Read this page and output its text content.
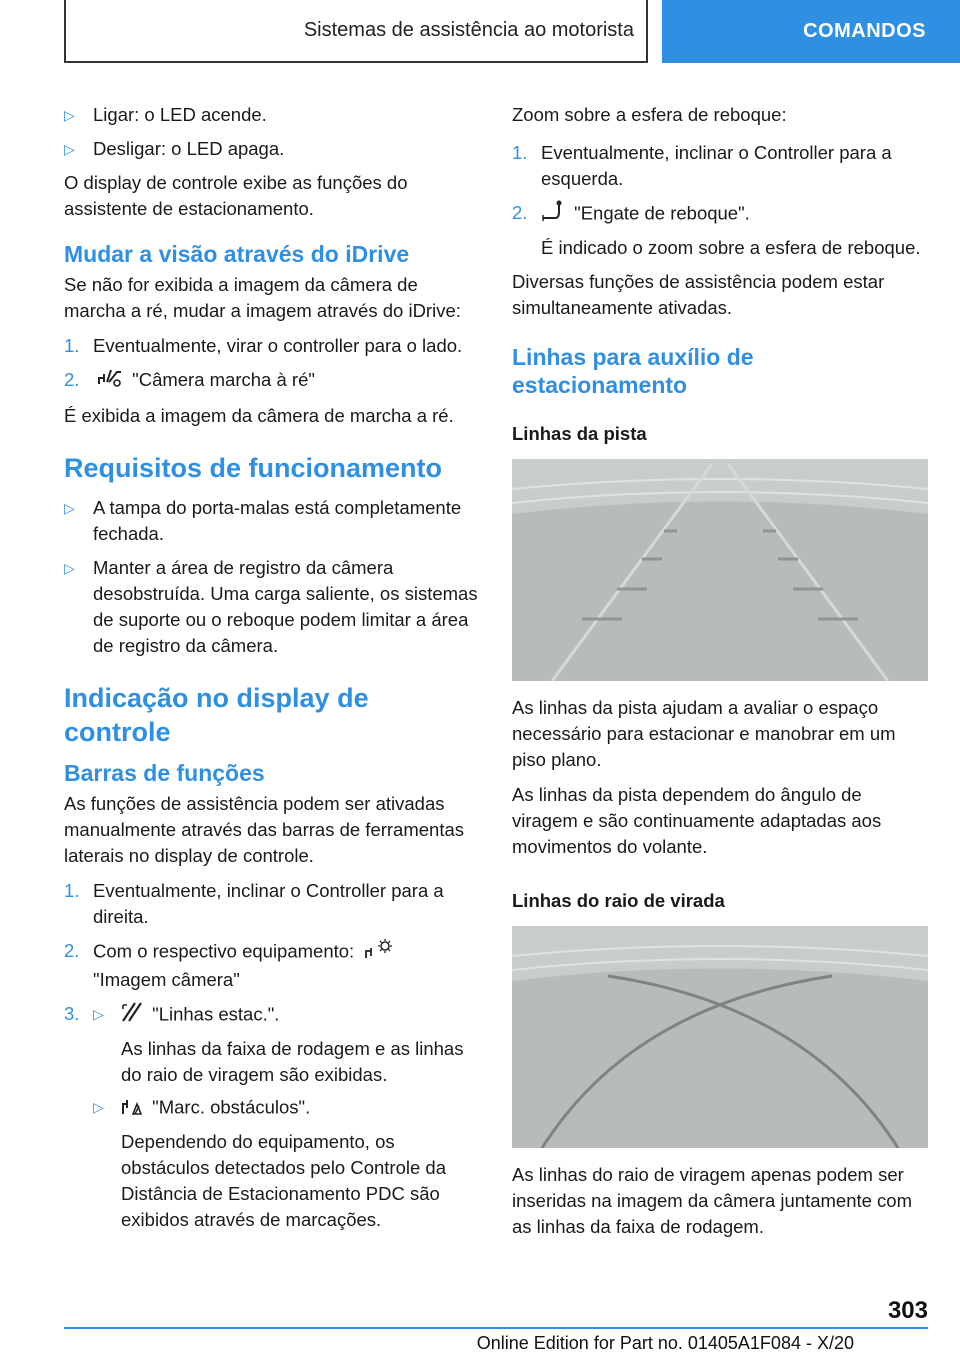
Sistemas de assistência ao motorista	COMANDOS
▷ Ligar: o LED acende.
▷ Desligar: o LED apaga.

O display de controle exibe as funções do assistente de estacionamento.

Mudar a visão através do iDrive

Se não for exibida a imagem da câmera de marcha a ré, mudar a imagem através do iDrive:

1. Eventualmente, virar o controller para o lado.
2.	"Câmera marcha à ré"

É exibida a imagem da câmera de marcha a ré.

Requisitos de funcionamento
▷ A tampa do porta-malas está completamente fechada.
▷ Manter a área de registro da câmera desobstruída. Uma carga saliente, os sistemas de suporte ou o reboque podem limitar a área de registro da câmera.
Indicação no display de controle
Barras de funções

As funções de assistência podem ser ativadas manualmente através das barras de ferramentas laterais no display de controle.

1. Eventualmente, inclinar o Controller para a direita.
2. Com o respectivo equipamento:
"Imagem câmera"
3. ▷	"Linhas estac.".
As linhas da faixa de rodagem e as linhas do raio de viragem são exibidas.
▷	"Marc. obstáculos".
Dependendo do equipamento, os obstáculos detectados pelo Controle da Distância de Estacionamento PDC são exibidos através de marcações.

Zoom sobre a esfera de reboque:

1. Eventualmente, inclinar o Controller para a esquerda.
2.	"Engate de reboque".
É indicado o zoom sobre a esfera de reboque.

Diversas funções de assistência podem estar simultaneamente ativadas.

Linhas para auxílio de estacionamento
Linhas da pista

As linhas da pista ajudam a avaliar o espaço necessário para estacionar e manobrar em um piso plano.

As linhas da pista dependem do ângulo de viragem e são continuamente adaptadas aos movimentos do volante.

Linhas do raio de virada

As linhas do raio de viragem apenas podem ser inseridas na imagem da câmera juntamente com as linhas da faixa de rodagem.

303
Online Edition for Part no. 01405A1F084 - X/20
